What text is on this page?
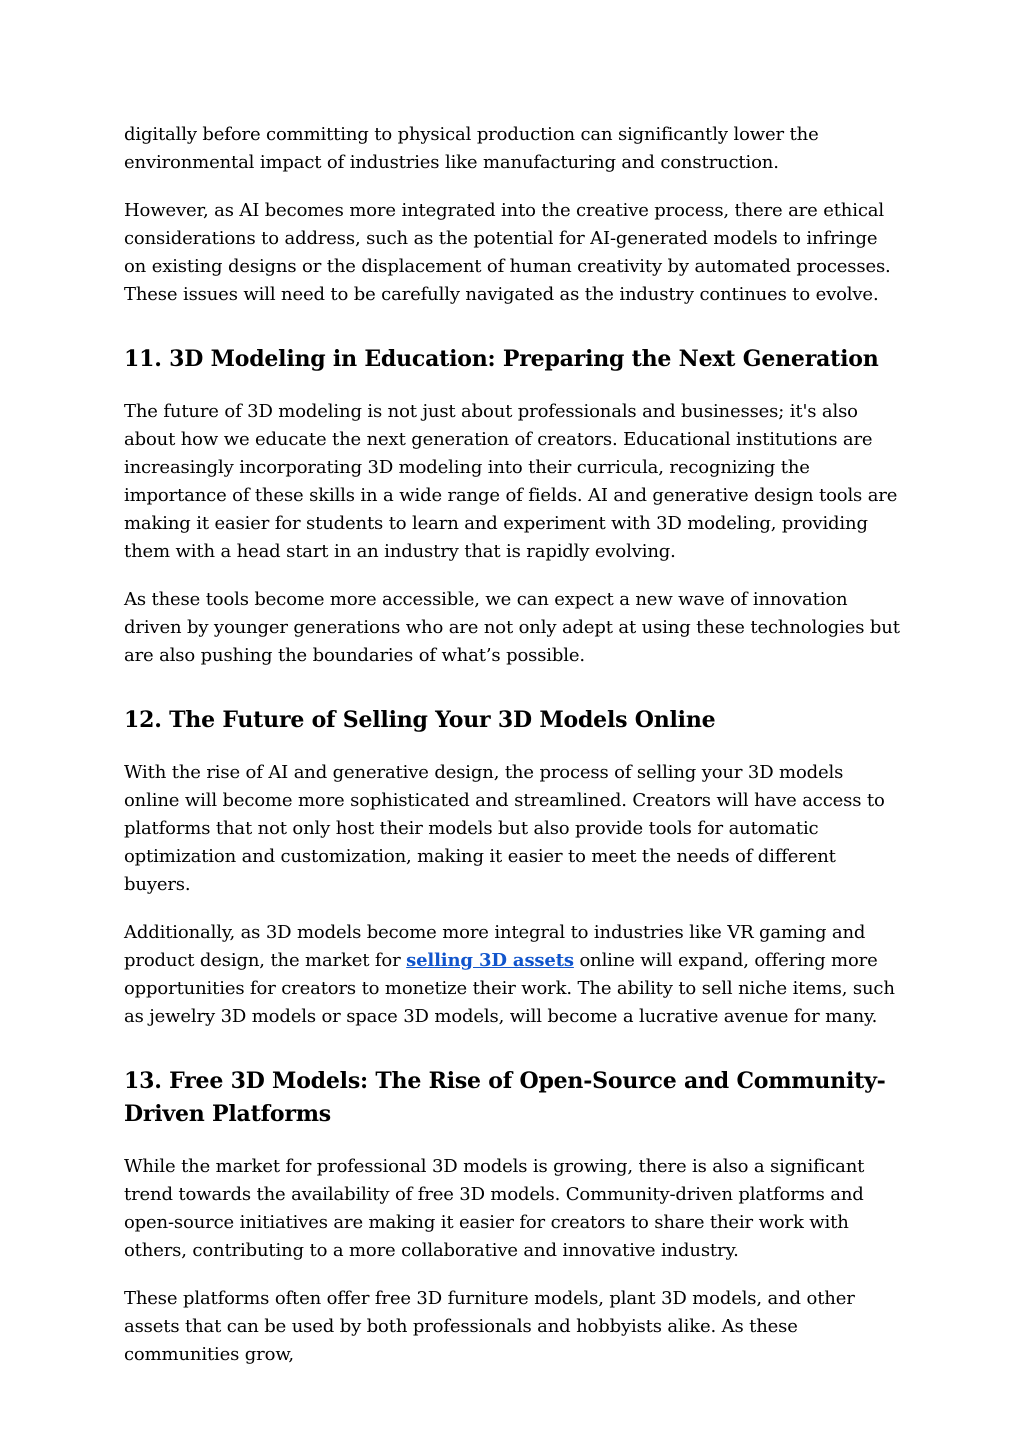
digitally before committing to physical production can significantly lower the environmental impact of industries like manufacturing and construction.

However, as AI becomes more integrated into the creative process, there are ethical considerations to address, such as the potential for AI-generated models to infringe on existing designs or the displacement of human creativity by automated processes. These issues will need to be carefully navigated as the industry continues to evolve.

11. 3D Modeling in Education: Preparing the Next Generation

The future of 3D modeling is not just about professionals and businesses; it's also about how we educate the next generation of creators. Educational institutions are increasingly incorporating 3D modeling into their curricula, recognizing the importance of these skills in a wide range of fields. AI and generative design tools are making it easier for students to learn and experiment with 3D modeling, providing them with a head start in an industry that is rapidly evolving.

As these tools become more accessible, we can expect a new wave of innovation driven by younger generations who are not only adept at using these technologies but are also pushing the boundaries of what’s possible.

12. The Future of Selling Your 3D Models Online

With the rise of AI and generative design, the process of selling your 3D models online will become more sophisticated and streamlined. Creators will have access to platforms that not only host their models but also provide tools for automatic optimization and customization, making it easier to meet the needs of different buyers.

Additionally, as 3D models become more integral to industries like VR gaming and product design, the market for selling 3D assets online will expand, offering more opportunities for creators to monetize their work. The ability to sell niche items, such as jewelry 3D models or space 3D models, will become a lucrative avenue for many.

13. Free 3D Models: The Rise of Open-Source and Community-Driven Platforms

While the market for professional 3D models is growing, there is also a significant trend towards the availability of free 3D models. Community-driven platforms and open-source initiatives are making it easier for creators to share their work with others, contributing to a more collaborative and innovative industry.

These platforms often offer free 3D furniture models, plant 3D models, and other assets that can be used by both professionals and hobbyists alike. As these communities grow,
